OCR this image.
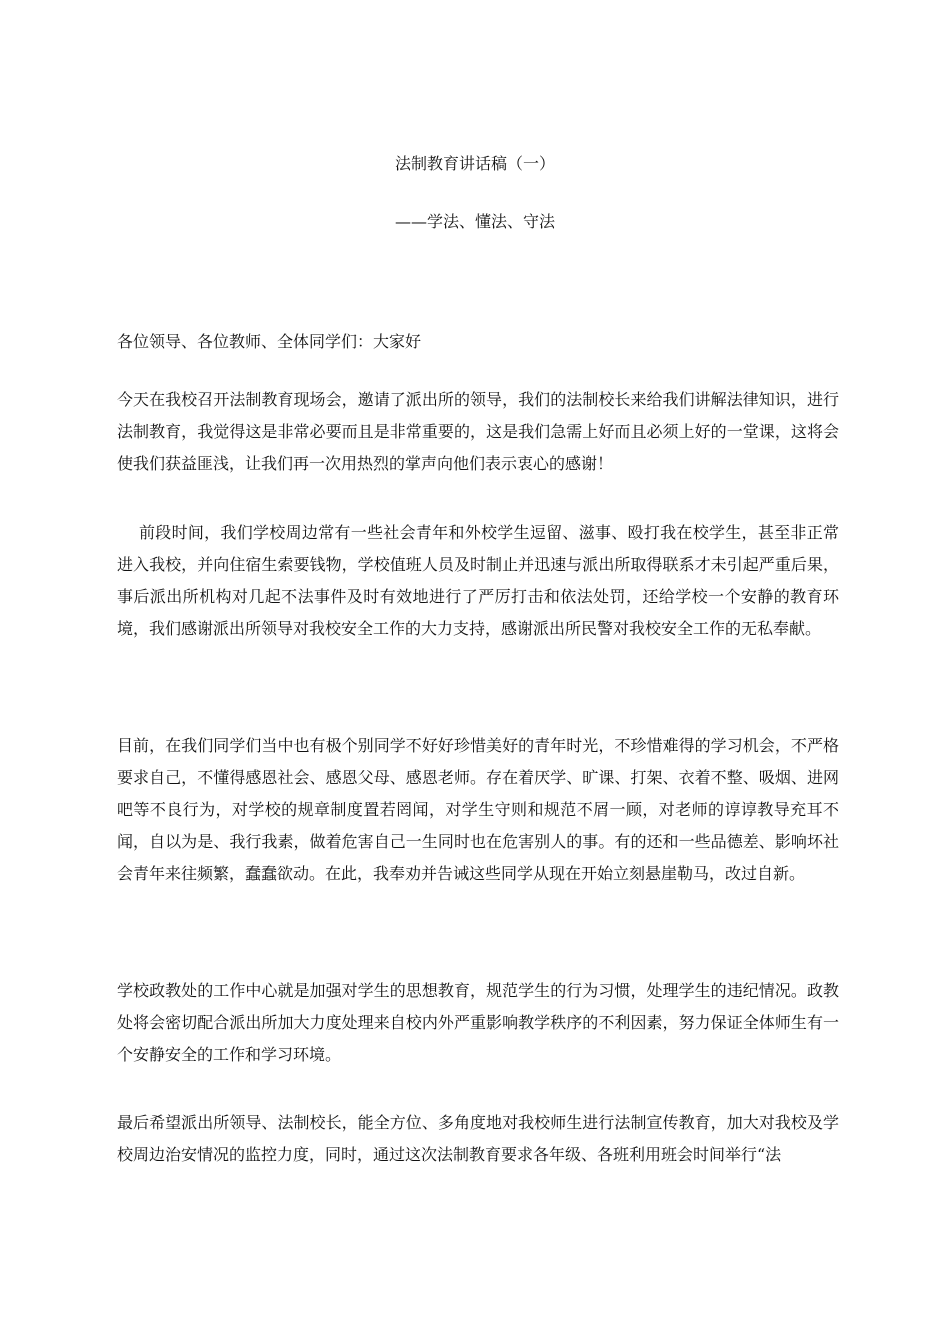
法制教育讲话稿（一）
——学法、懂法、守法

各位领导、各位教师、全体同学们：大家好

今天在我校召开法制教育现场会，邀请了派出所的领导，我们的法制校长来给我们讲解法律知识，进行法制教育，我觉得这是非常必要而且是非常重要的，这是我们急需上好而且必须上好的一堂课，这将会使我们获益匪浅，让我们再一次用热烈的掌声向他们表示衷心的感谢！

前段时间，我们学校周边常有一些社会青年和外校学生逗留、滋事、殴打我在校学生，甚至非正常进入我校，并向住宿生索要钱物，学校值班人员及时制止并迅速与派出所取得联系才未引起严重后果，事后派出所机构对几起不法事件及时有效地进行了严厉打击和依法处罚，还给学校一个安静的教育环境，我们感谢派出所领导对我校安全工作的大力支持，感谢派出所民警对我校安全工作的无私奉献。

目前，在我们同学们当中也有极个别同学不好好珍惜美好的青年时光，不珍惜难得的学习机会，不严格要求自己，不懂得感恩社会、感恩父母、感恩老师。存在着厌学、旷课、打架、衣着不整、吸烟、进网吧等不良行为，对学校的规章制度置若罔闻，对学生守则和规范不屑一顾，对老师的谆谆教导充耳不闻，自以为是、我行我素，做着危害自己一生同时也在危害别人的事。有的还和一些品德差、影响坏社会青年来往频繁，蠢蠢欲动。在此，我奉劝并告诫这些同学从现在开始立刻悬崖勒马，改过自新。

学校政教处的工作中心就是加强对学生的思想教育，规范学生的行为习惯，处理学生的违纪情况。政教处将会密切配合派出所加大力度处理来自校内外严重影响教学秩序的不利因素，努力保证全体师生有一个安静安全的工作和学习环境。

最后希望派出所领导、法制校长，能全方位、多角度地对我校师生进行法制宣传教育，加大对我校及学校周边治安情况的监控力度，同时，通过这次法制教育要求各年级、各班利用班会时间举行“法
